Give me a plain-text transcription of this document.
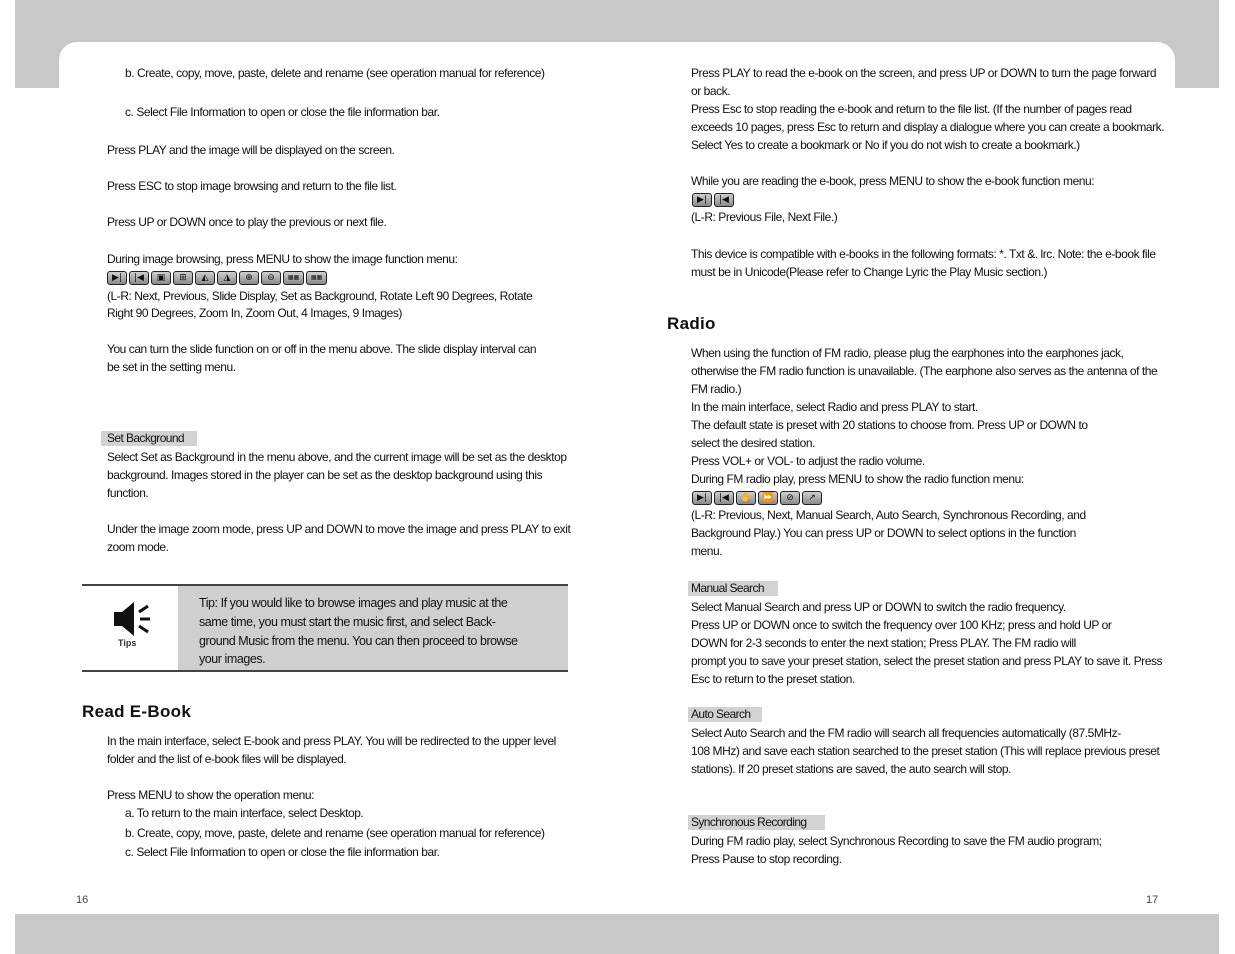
b. Create, copy, move, paste, delete and rename (see operation manual for reference)
c. Select File Information to open or close the file information bar.
Press PLAY and the image will be displayed on the screen.
Press ESC to stop image browsing and return to the file list.
Press UP or DOWN once to play the previous or next file.
During image browsing, press MENU to show the image function menu:
▶|	|◀	▣	⊞	◭	◮	⊕	⊖	▦▦	▦▦
(L-R: Next, Previous, Slide Display, Set as Background, Rotate Left 90 Degrees, Rotate
Right 90 Degrees, Zoom In, Zoom Out, 4 Images, 9 Images)
You can turn the slide function on or off in the menu above. The slide display interval can
be set in the setting menu.
Set Background
Select Set as Background in the menu above, and the current image will be set as the desktop
background. Images stored in the player can be set as the desktop background using this
function.
Under the image zoom mode, press UP and DOWN to move the image and press PLAY to exit
zoom mode.
Tips
Tip: If you would like to browse images and play music at the
same time, you must start the music first, and select Back-
ground Music from the menu. You can then proceed to browse
your images.
Read E-Book
In the main interface, select E-book and press PLAY. You will be redirected to the upper level
folder and the list of e-book files will be displayed.
Press MENU to show the operation menu:
a. To return to the main interface, select Desktop.
b. Create, copy, move, paste, delete and rename (see operation manual for reference)
c. Select File Information to open or close the file information bar.
16
Press PLAY to read the e-book on the screen, and press UP or DOWN to turn the page forward
or back.
Press Esc to stop reading the e-book and return to the file list. (If the number of pages read
exceeds 10 pages, press Esc to return and display a dialogue where you can create a bookmark.
Select Yes to create a bookmark or No if you do not wish to create a bookmark.)
While you are reading the e-book, press MENU to show the e-book function menu:
▶|	|◀
(L-R: Previous File, Next File.)
This device is compatible with e-books in the following formats: *. Txt &. lrc. Note: the e-book file
must be in Unicode(Please refer to Change Lyric the Play Music section.)
Radio
When using the function of FM radio, please plug the earphones into the earphones jack,
otherwise the FM radio function is unavailable. (The earphone also serves as the antenna of the
FM radio.)
In the main interface, select Radio and press PLAY to start.
The default state is preset with 20 stations to choose from. Press UP or DOWN to
select the desired station.
Press VOL+ or VOL- to adjust the radio volume.
During FM radio play, press MENU to show the radio function menu:
▶|	|◀	✋	⏩	⊘	↗
(L-R: Previous, Next, Manual Search, Auto Search, Synchronous Recording, and
Background Play.) You can press UP or DOWN to select options in the function
menu.
Manual Search
Select Manual Search and press UP or DOWN to switch the radio frequency.
Press UP or DOWN once to switch the frequency over 100 KHz; press and hold UP or
DOWN for 2-3 seconds to enter the next station; Press PLAY. The FM radio will
prompt you to save your preset station, select the preset station and press PLAY to save it. Press
Esc to return to the preset station.
Auto Search
Select Auto Search and the FM radio will search all frequencies automatically (87.5MHz-
108 MHz) and save each station searched to the preset station (This will replace previous preset
stations). If 20 preset stations are saved, the auto search will stop.
Synchronous Recording
During FM radio play, select Synchronous Recording to save the FM audio program;
Press Pause to stop recording.
17
